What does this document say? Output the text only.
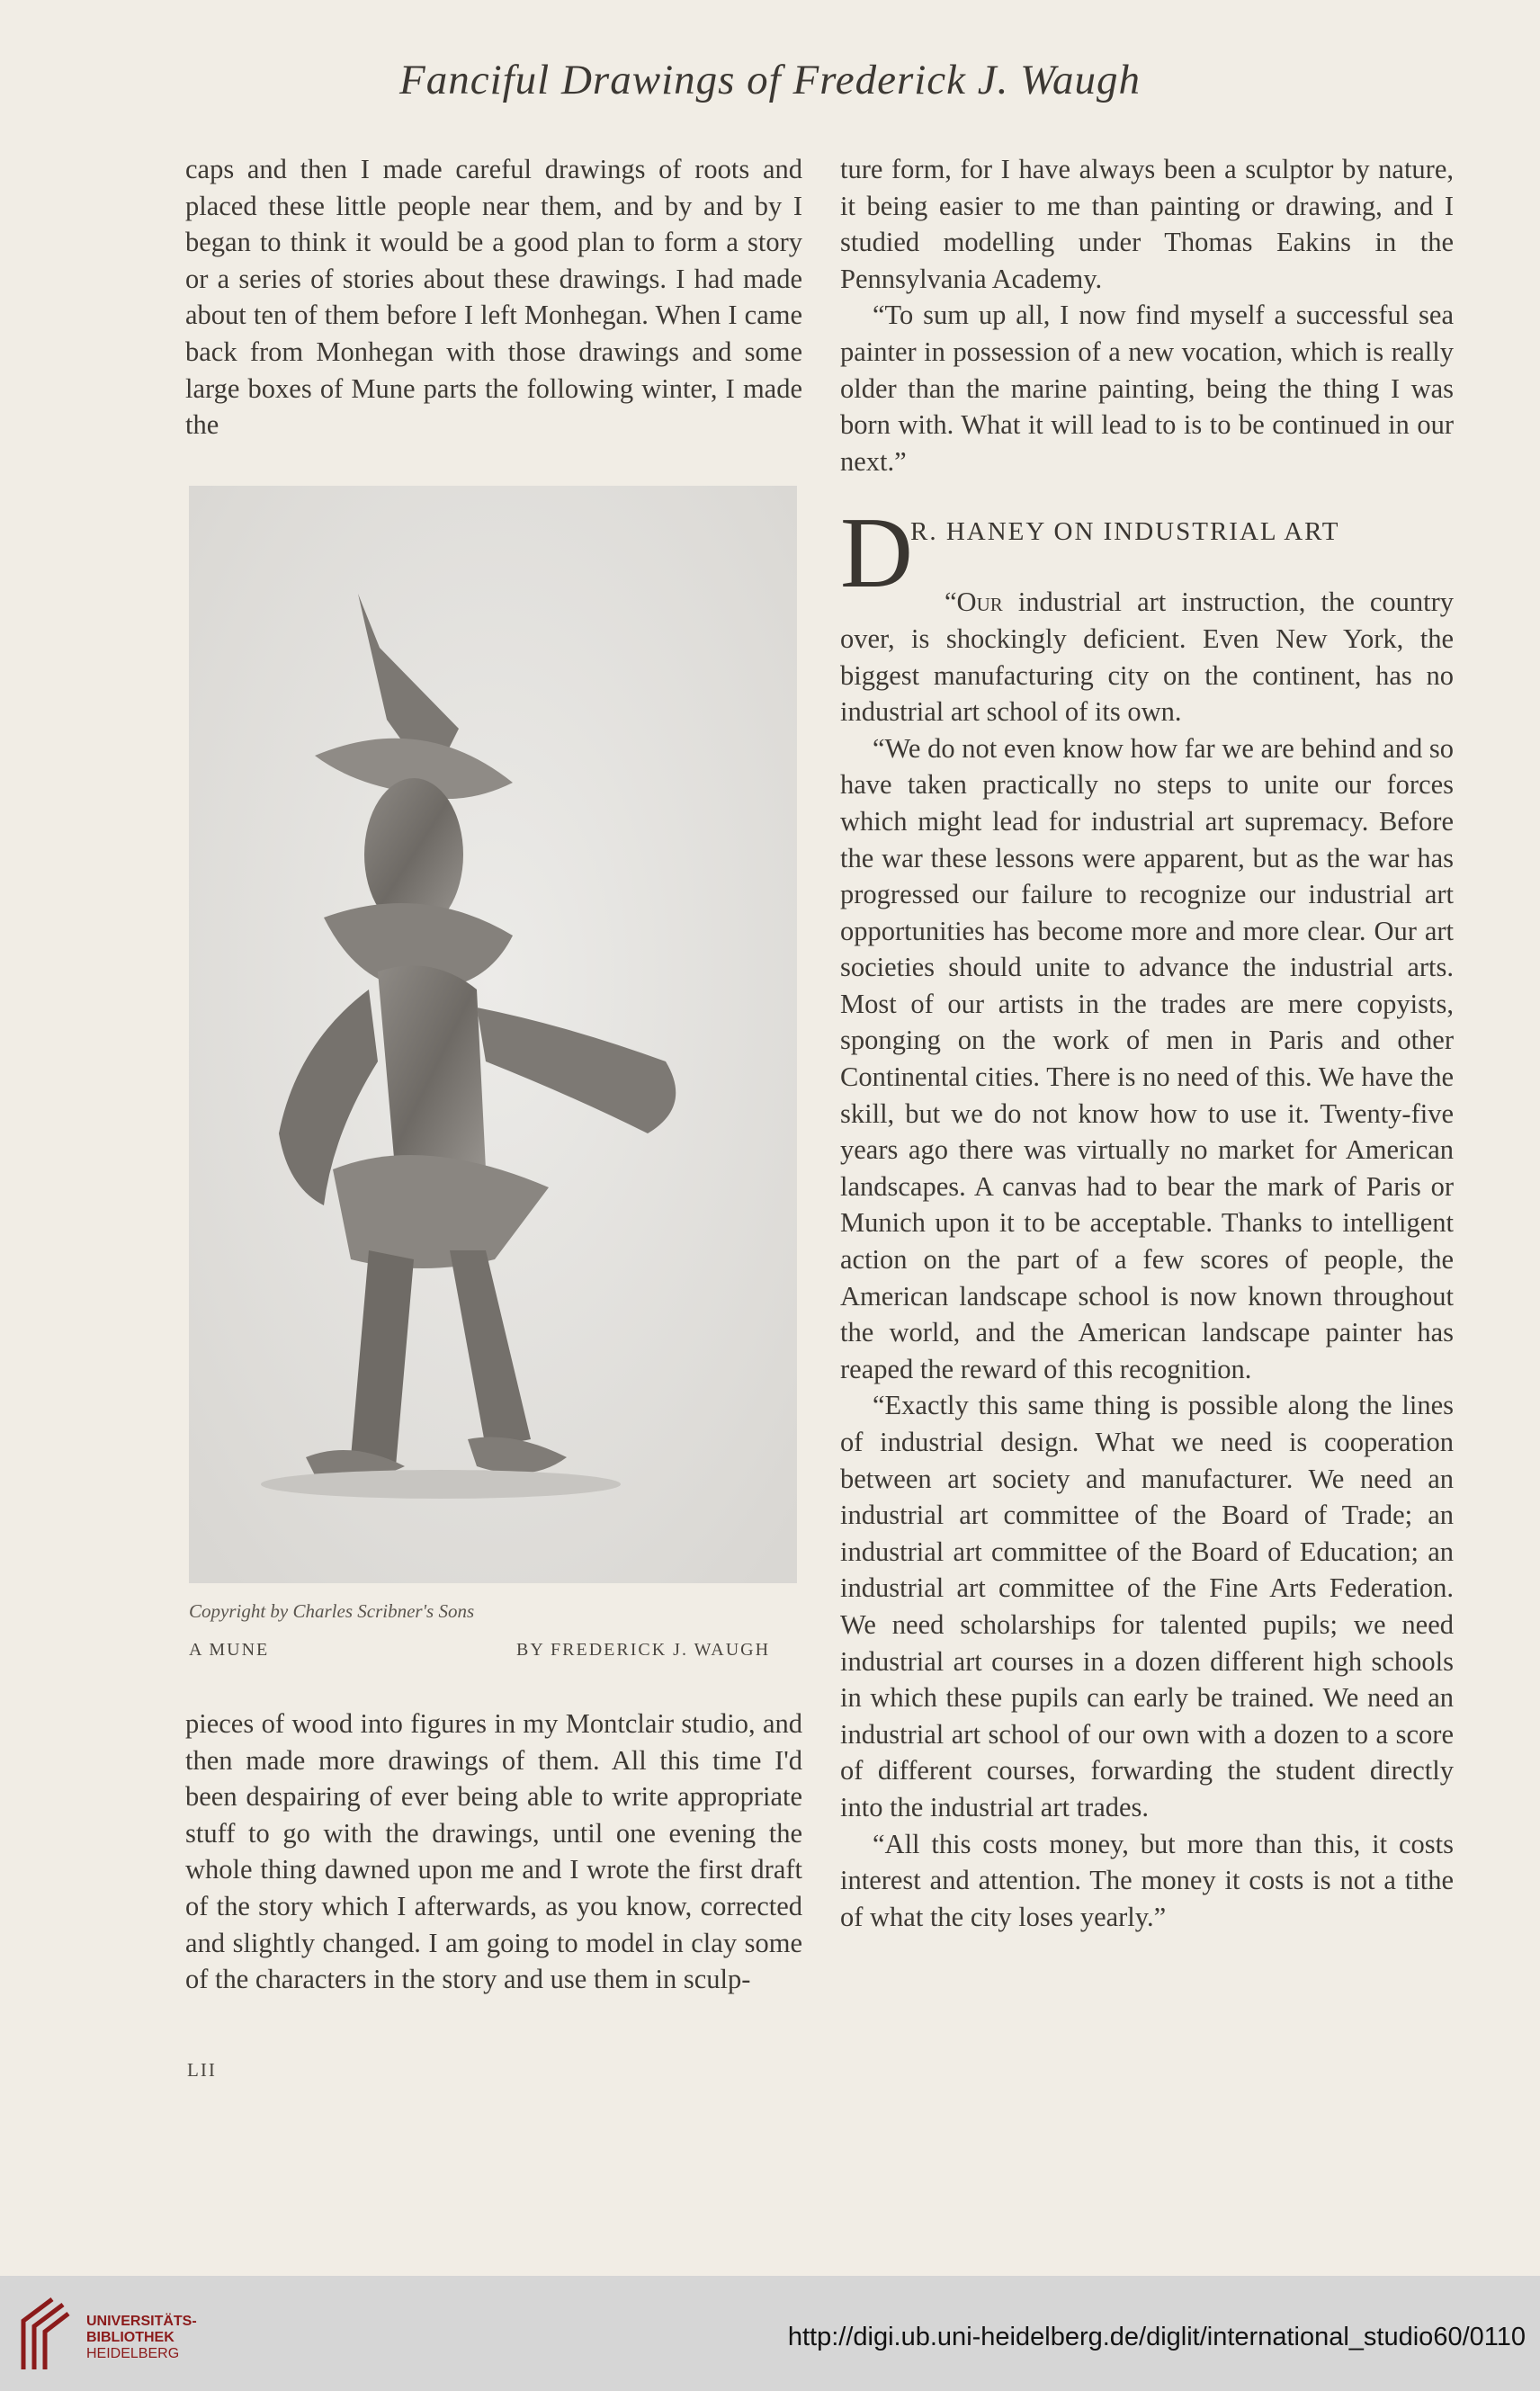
Fanciful Drawings of Frederick J. Waugh

caps and then I made careful drawings of roots and placed these little people near them, and by and by I began to think it would be a good plan to form a story or a series of stories about these drawings. I had made about ten of them before I left Monhegan. When I came back from Monhegan with those drawings and some large boxes of Mune parts the following winter, I made the

Copyright by Charles Scribner's Sons
A MUNE	BY FREDERICK J. WAUGH

pieces of wood into figures in my Montclair studio, and then made more drawings of them. All this time I'd been despairing of ever being able to write appropriate stuff to go with the drawings, until one evening the whole thing dawned upon me and I wrote the first draft of the story which I afterwards, as you know, corrected and slightly changed. I am going to model in clay some of the characters in the story and use them in sculp-

ture form, for I have always been a sculptor by nature, it being easier to me than painting or drawing, and I studied modelling under Thomas Eakins in the Pennsylvania Academy.

“To sum up all, I now find myself a successful sea painter in possession of a new vocation, which is really older than the marine painting, being the thing I was born with. What it will lead to is to be continued in our next.”

D
R. HANEY ON INDUSTRIAL ART

“Our industrial art instruction, the country over, is shockingly deficient. Even New York, the biggest manufacturing city on the continent, has no industrial art school of its own.

“We do not even know how far we are behind and so have taken practically no steps to unite our forces which might lead for industrial art supremacy. Before the war these lessons were apparent, but as the war has progressed our failure to recognize our industrial art opportunities has become more and more clear. Our art societies should unite to advance the industrial arts. Most of our artists in the trades are mere copyists, sponging on the work of men in Paris and other Continental cities. There is no need of this. We have the skill, but we do not know how to use it. Twenty-five years ago there was virtually no market for American landscapes. A canvas had to bear the mark of Paris or Munich upon it to be acceptable. Thanks to intelligent action on the part of a few scores of people, the American landscape school is now known throughout the world, and the American landscape painter has reaped the reward of this recognition.

“Exactly this same thing is possible along the lines of industrial design. What we need is cooperation between art society and manufacturer. We need an industrial art committee of the Board of Trade; an industrial art committee of the Board of Education; an industrial art committee of the Fine Arts Federation. We need scholarships for talented pupils; we need industrial art courses in a dozen different high schools in which these pupils can early be trained. We need an industrial art school of our own with a dozen to a score of different courses, forwarding the student directly into the industrial art trades.

“All this costs money, but more than this, it costs interest and attention. The money it costs is not a tithe of what the city loses yearly.”

LII
UNIVERSITÄTS-
BIBLIOTHEK
HEIDELBERG
http://digi.ub.uni-heidelberg.de/diglit/international_studio60/0110
